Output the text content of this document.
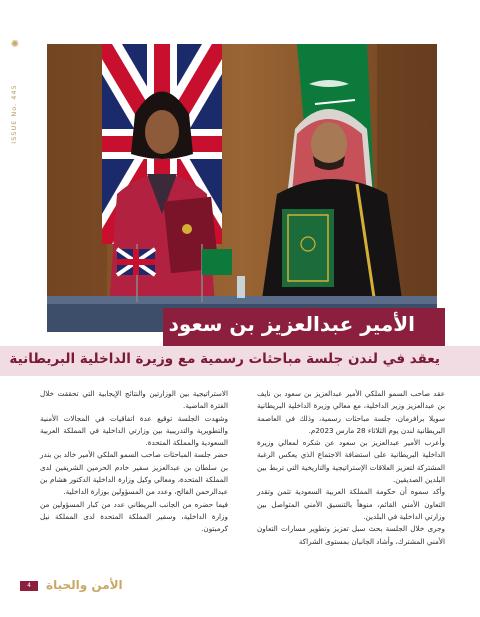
✺
ISSUE No. 445
الأمير عبدالعزيز بن سعود
يعقد في لندن جلسة مباحثات رسمية مع وزيرة الداخلية البريطانية

عقد صاحب السمو الملكي الأمير عبدالعزيز بن سعود بن نايف بن عبدالعزيز وزير الداخلية، مع معالي وزيرة الداخلية البريطانية سويلا برافرمان، جلسة مباحثات رسمية، وذلك في العاصمة البريطانية لندن يوم الثلاثاء 28 مارس 2023م.

وأعرب الأمير عبدالعزيز بن سعود عن شكره لمعالي وزيرة الداخلية البريطانية على استضافة الاجتماع الذي يعكس الرغبة المشتركة لتعزيز العلاقات الإستراتيجية والتاريخية التي تربط بين البلدين الصديقين.

وأكد سموه أن حكومة المملكة العربية السعودية تثمن وتقدر التعاون الأمني القائم، منوهاً بالتنسيق الأمني المتواصل بين وزارتي الداخلية في البلدين.

وجرى خلال الجلسة بحث سبل تعزيز وتطوير مسارات التعاون الأمني المشترك، وأشاد الجانبان بمستوى الشراكة

الاستراتيجية بين الوزارتين والنتائج الإيجابية التي تحققت خلال الفترة الماضية.

وشهدت الجلسة توقيع عدة اتفاقيات في المجالات الأمنية والتطويرية والتدريبية بين وزارتي الداخلية في المملكة العربية السعودية والمملكة المتحدة.

حضر جلسة المباحثات صاحب السمو الملكي الأمير خالد بن بندر بن سلطان بن عبدالعزيز سفير خادم الحرمين الشريفين لدى المملكة المتحدة، ومعالي وكيل وزارة الداخلية الدكتور هشام بن عبدالرحمن الفالح، وعدد من المسؤولين بوزارة الداخلية.

فيما حضره من الجانب البريطاني عدد من كبار المسؤولين من وزارة الداخلية، وسفير المملكة المتحدة لدى المملكة نيل كرمبتون.

4	الأمن والحياة
